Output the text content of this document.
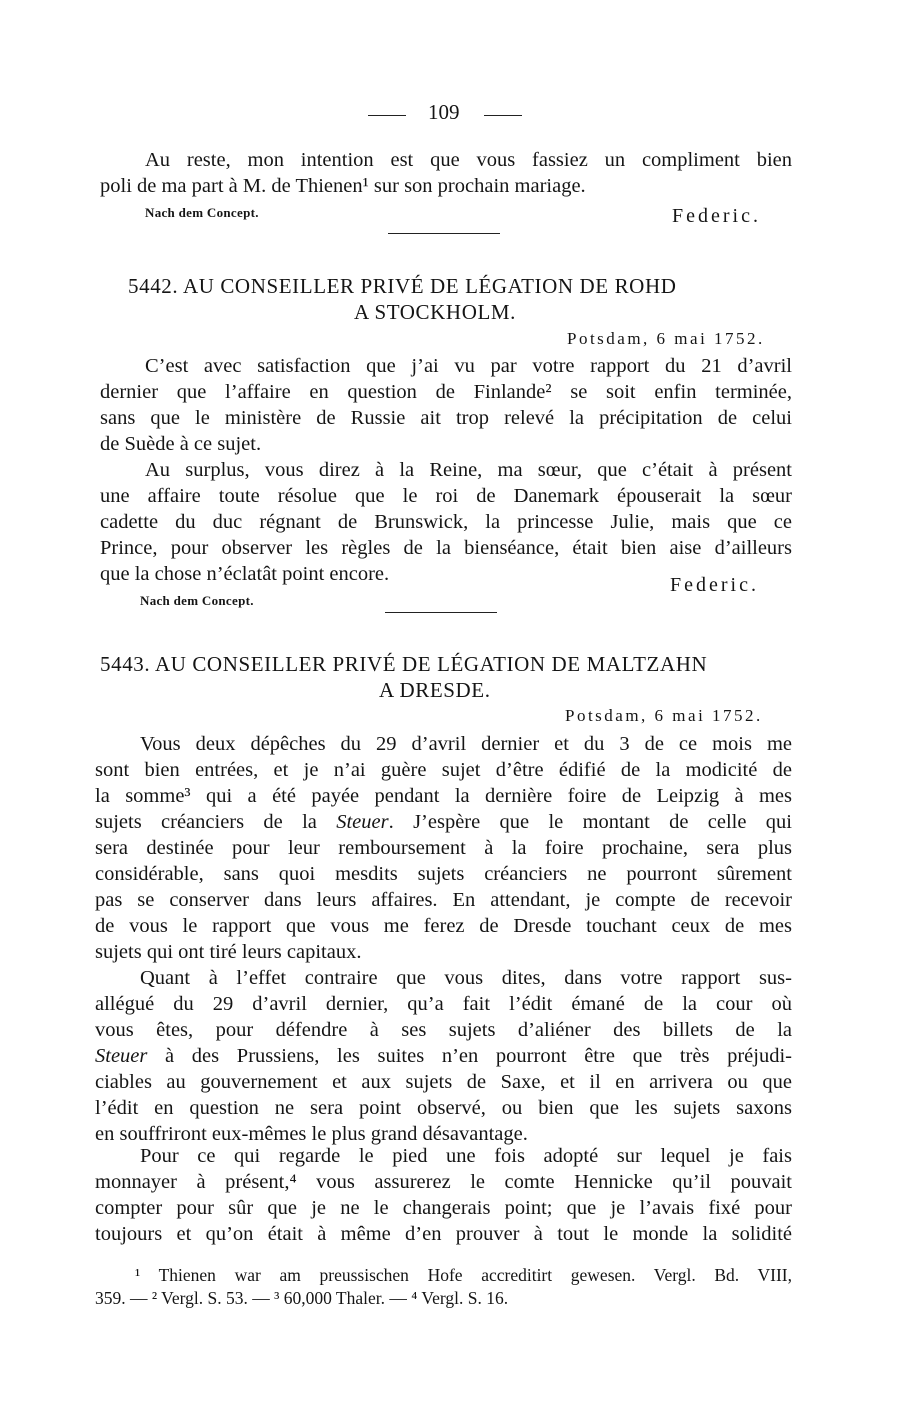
109
Au reste, mon intention est que vous fassiez un compliment bien
poli de ma part à M. de Thienen¹ sur son prochain mariage.
Nach dem Concept.	Federic.
5442. AU CONSEILLER PRIVÉ DE LÉGATION DE ROHD
A STOCKHOLM.
Potsdam, 6 mai 1752.
C’est avec satisfaction que j’ai vu par votre rapport du 21 d’avril
dernier que l’affaire en question de Finlande² se soit enfin terminée,
sans que le ministère de Russie ait trop relevé la précipitation de celui
de Suède à ce sujet.
Au surplus, vous direz à la Reine, ma sœur, que c’était à présent
une affaire toute résolue que le roi de Danemark épouserait la sœur
cadette du duc régnant de Brunswick, la princesse Julie, mais que ce
Prince, pour observer les règles de la bienséance, était bien aise d’ailleurs
que la chose n’éclatât point encore.	Federic.
Nach dem Concept.
5443. AU CONSEILLER PRIVÉ DE LÉGATION DE MALTZAHN
A DRESDE.
Potsdam, 6 mai 1752.
Vous deux dépêches du 29 d’avril dernier et du 3 de ce mois me
sont bien entrées, et je n’ai guère sujet d’être édifié de la modicité de
la somme³ qui a été payée pendant la dernière foire de Leipzig à mes
sujets créanciers de la Steuer. J’espère que le montant de celle qui
sera destinée pour leur remboursement à la foire prochaine, sera plus
considérable, sans quoi mesdits sujets créanciers ne pourront sûrement
pas se conserver dans leurs affaires. En attendant, je compte de recevoir
de vous le rapport que vous me ferez de Dresde touchant ceux de mes
sujets qui ont tiré leurs capitaux.
Quant à l’effet contraire que vous dites, dans votre rapport sus-
allégué du 29 d’avril dernier, qu’a fait l’édit émané de la cour où
vous êtes, pour défendre à ses sujets d’aliéner des billets de la
Steuer à des Prussiens, les suites n’en pourront être que très préjudi-
ciables au gouvernement et aux sujets de Saxe, et il en arrivera ou que
l’édit en question ne sera point observé, ou bien que les sujets saxons
en souffriront eux-mêmes le plus grand désavantage.
Pour ce qui regarde le pied une fois adopté sur lequel je fais
monnayer à présent,⁴ vous assurerez le comte Hennicke qu’il pouvait
compter pour sûr que je ne le changerais point; que je l’avais fixé pour
toujours et qu’on était à même d’en prouver à tout le monde la solidité
¹ Thienen war am preussischen Hofe accreditirt gewesen. Vergl. Bd. VIII,
359. — ² Vergl. S. 53. — ³ 60,000 Thaler. — ⁴ Vergl. S. 16.
